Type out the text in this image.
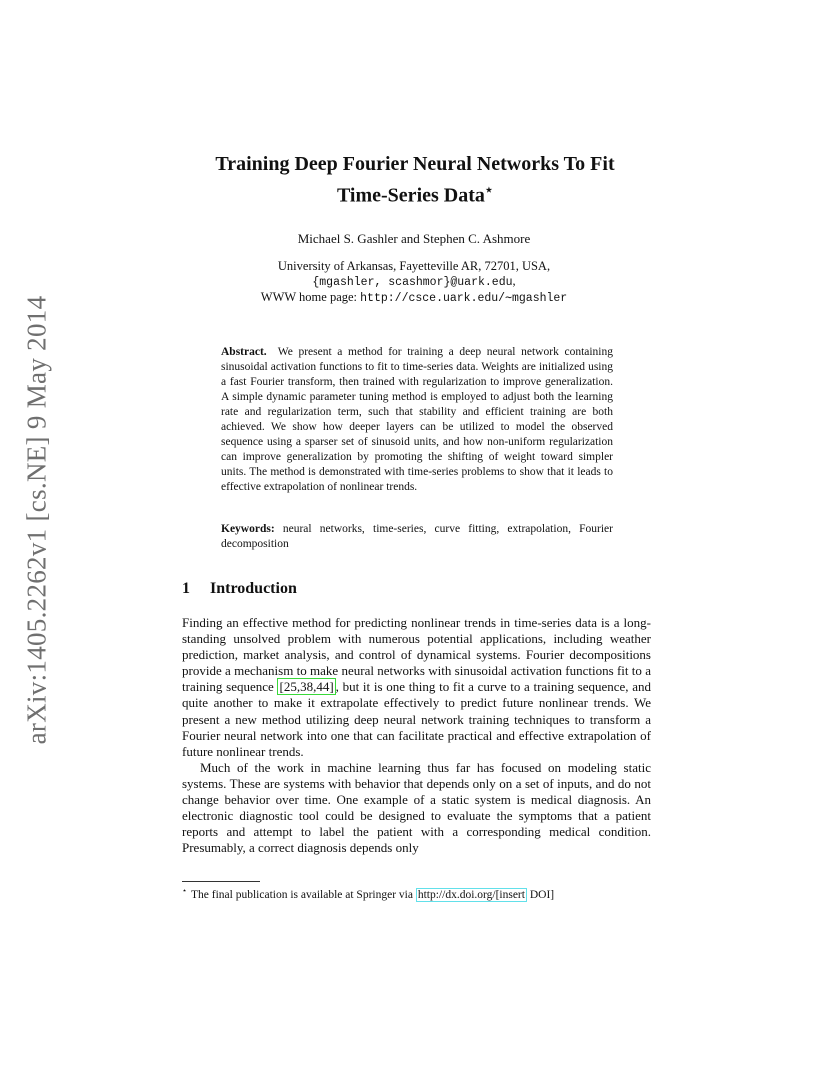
arXiv:1405.2262v1 [cs.NE] 9 May 2014
Training Deep Fourier Neural Networks To Fit
Time-Series Data⋆
Michael S. Gashler and Stephen C. Ashmore
University of Arkansas, Fayetteville AR, 72701, USA,
{mgashler, scashmor}@uark.edu,
WWW home page: http://csce.uark.edu/∼mgashler
Abstract. We present a method for training a deep neural network containing sinusoidal activation functions to fit to time-series data. Weights are initialized using a fast Fourier transform, then trained with regularization to improve generalization. A simple dynamic parameter tuning method is employed to adjust both the learning rate and regularization term, such that stability and efficient training are both achieved. We show how deeper layers can be utilized to model the observed sequence using a sparser set of sinusoid units, and how non-uniform regularization can improve generalization by promoting the shifting of weight toward simpler units. The method is demonstrated with time-series problems to show that it leads to effective extrapolation of nonlinear trends.
Keywords: neural networks, time-series, curve fitting, extrapolation, Fourier decomposition
1 Introduction

Finding an effective method for predicting nonlinear trends in time-series data is a long-standing unsolved problem with numerous potential applications, including weather prediction, market analysis, and control of dynamical systems. Fourier decompositions provide a mechanism to make neural networks with sinusoidal activation functions fit to a training sequence [25,38,44] , but it is one thing to fit a curve to a training sequence, and quite another to make it extrapolate effectively to predict future nonlinear trends. We present a new method utilizing deep neural network training techniques to transform a Fourier neural network into one that can facilitate practical and effective extrapolation of future nonlinear trends.

Much of the work in machine learning thus far has focused on modeling static systems. These are systems with behavior that depends only on a set of inputs, and do not change behavior over time. One example of a static system is medical diagnosis. An electronic diagnostic tool could be designed to evaluate the symptoms that a patient reports and attempt to label the patient with a corresponding medical condition. Presumably, a correct diagnosis depends only

⋆ The final publication is available at Springer via http://dx.doi.org/[insert DOI]
